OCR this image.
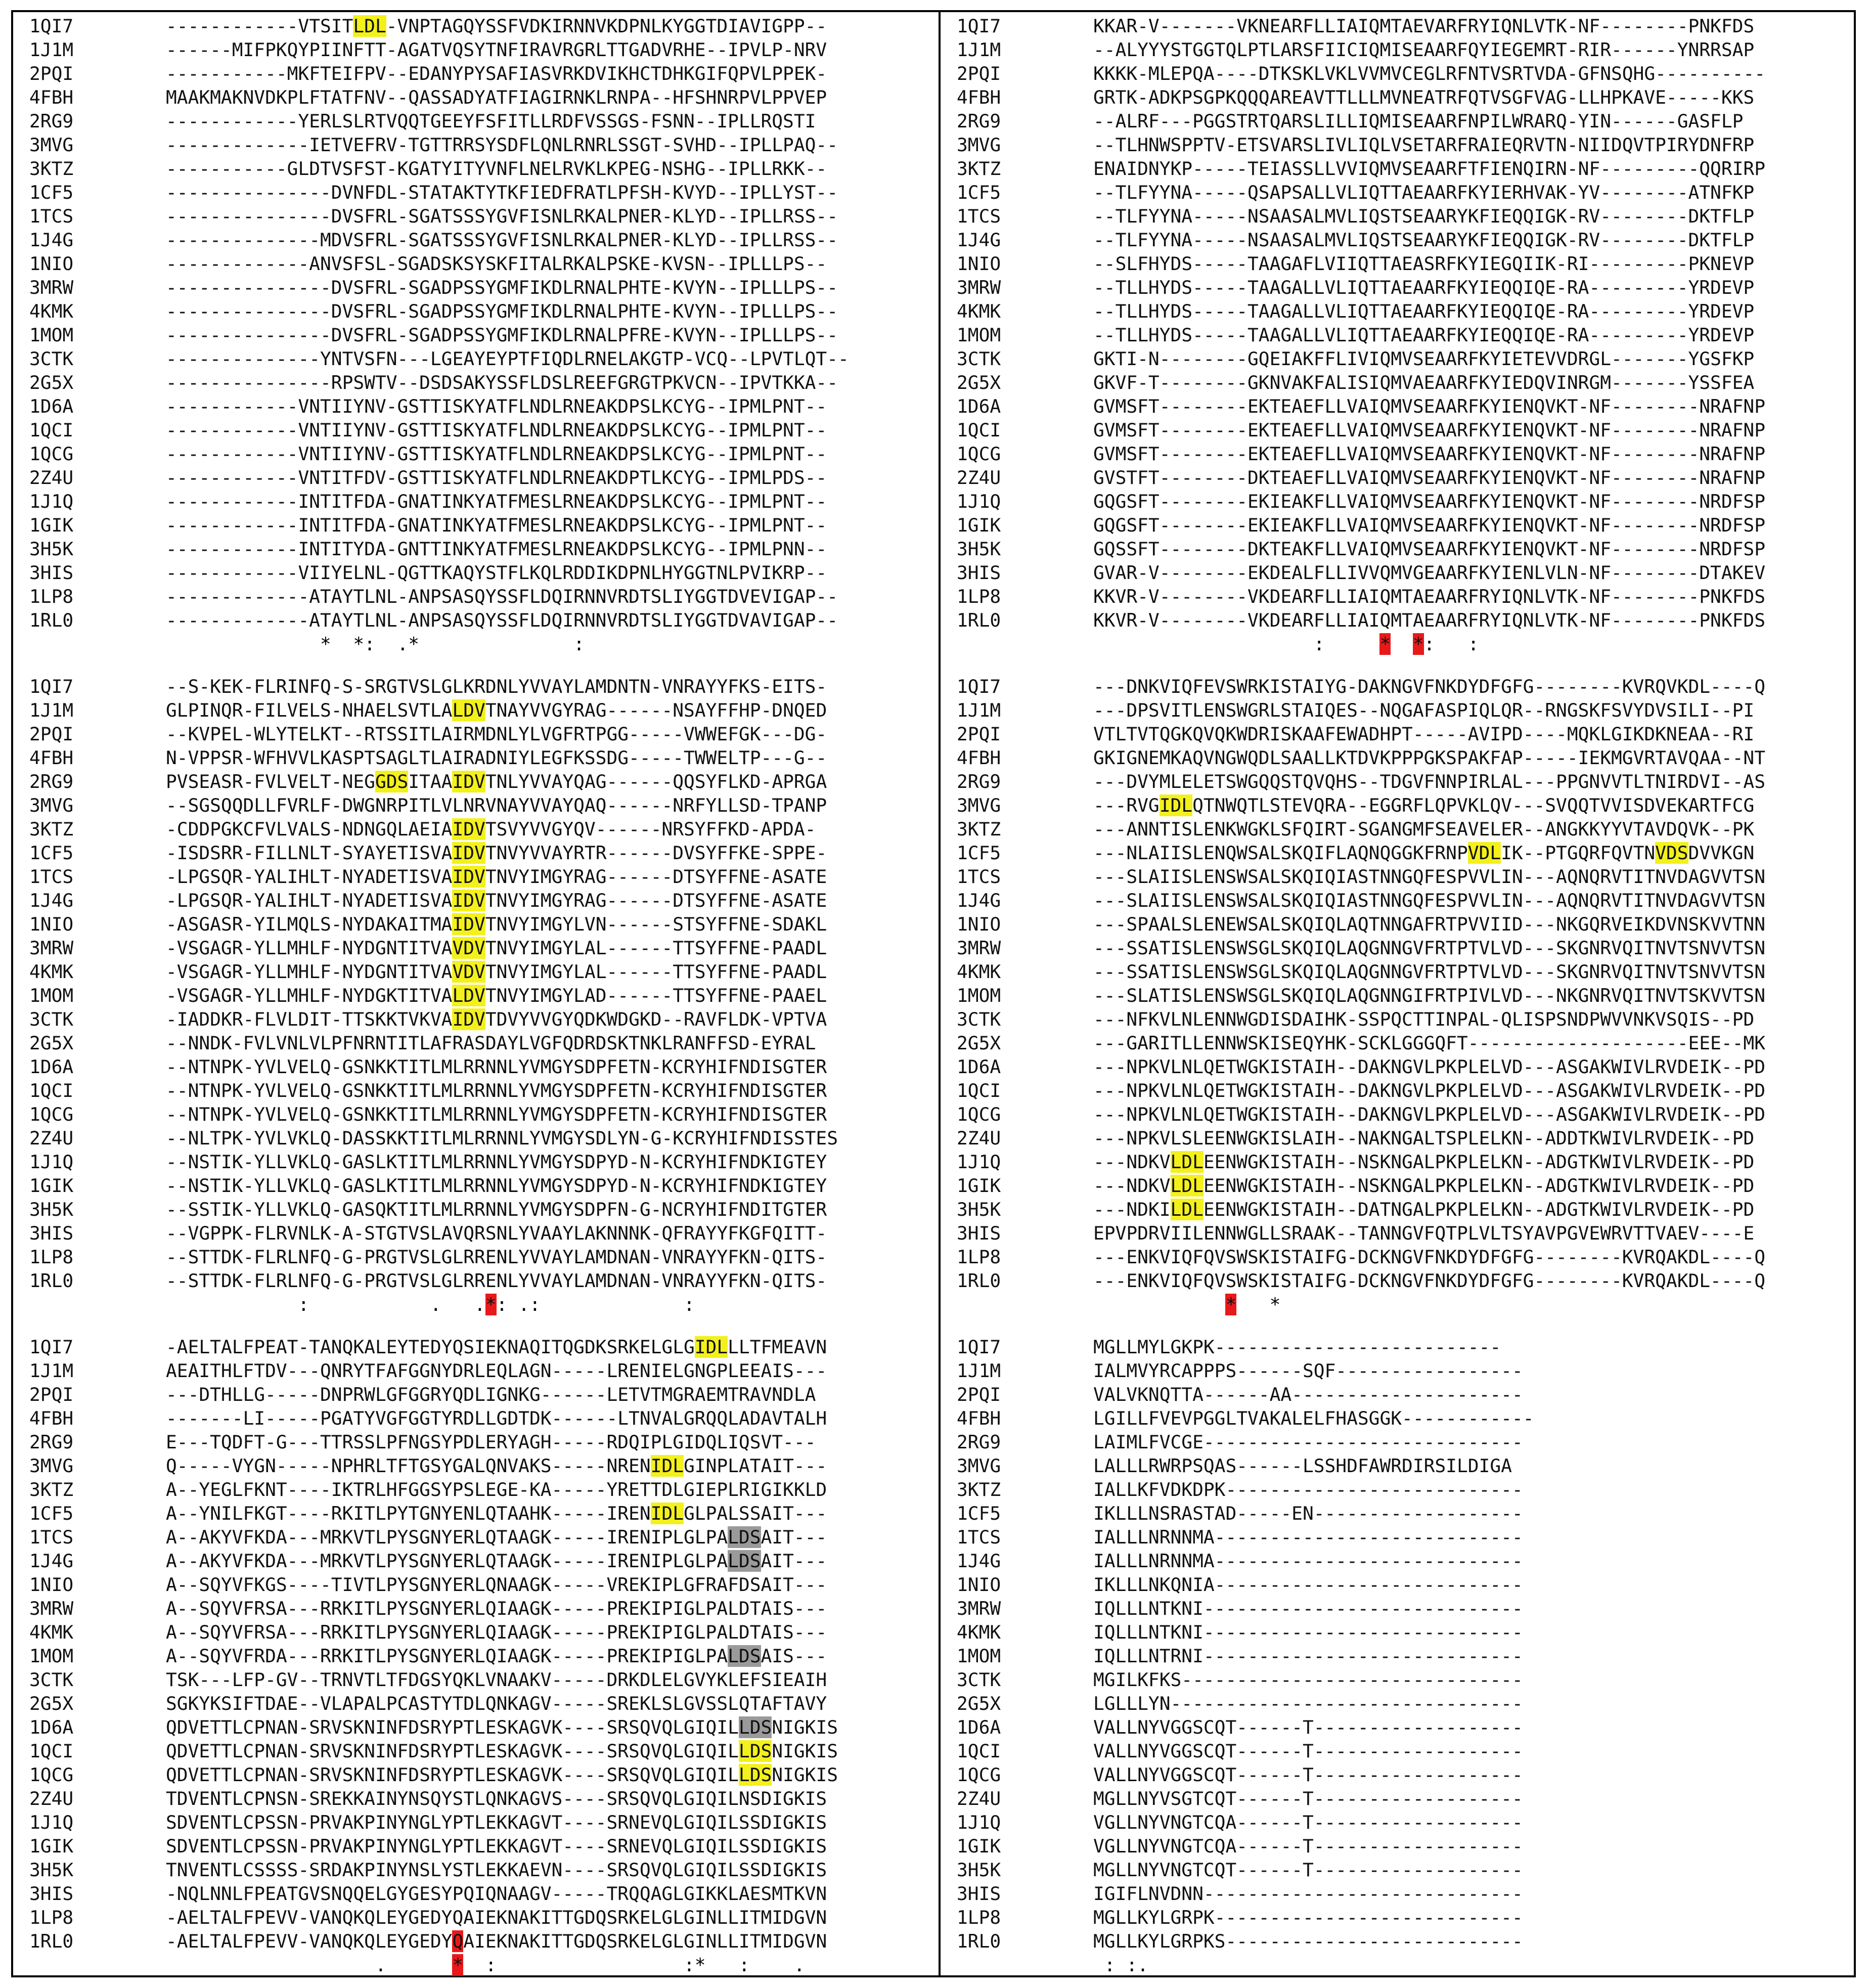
1QI7	------------VTSITLDL-VNPTAGQYSSFVDKIRNNVKDPNLKYGGTDIAVIGPP--
1J1M	------MIFPKQYPIINFTT-AGATVQSYTNFIRAVRGRLTTGADVRHE--IPVLP-NRV
2PQI	-----------MKFTEIFPV--EDANYPYSAFIASVRKDVIKHCTDHKGIFQPVLPPEK-
4FBH	MAAKMAKNVDKPLFTATFNV--QASSADYATFIAGIRNKLRNPA--HFSHNRPVLPPVEP
2RG9	------------YERLSLRTVQQTGEEYFSFITLLRDFVSSGS-FSNN--IPLLRQSTI
3MVG	-------------IETVEFRV-TGTTRRSYSDFLQNLRNRLSSGT-SVHD--IPLLPAQ--
3KTZ	-----------GLDTVSFST-KGATYITYVNFLNELRVKLKPEG-NSHG--IPLLRKK--
1CF5	---------------DVNFDL-STATAKTYTKFIEDFRATLPFSH-KVYD--IPLLYST--
1TCS	---------------DVSFRL-SGATSSSYGVFISNLRKALPNER-KLYD--IPLLRSS--
1J4G	--------------MDVSFRL-SGATSSSYGVFISNLRKALPNER-KLYD--IPLLRSS--
1NIO	-------------ANVSFSL-SGADSKSYSKFITALRKALPSKE-KVSN--IPLLLPS--
3MRW	---------------DVSFRL-SGADPSSYGMFIKDLRNALPHTE-KVYN--IPLLLPS--
4KMK	---------------DVSFRL-SGADPSSYGMFIKDLRNALPHTE-KVYN--IPLLLPS--
1MOM	---------------DVSFRL-SGADPSSYGMFIKDLRNALPFRE-KVYN--IPLLLPS--
3CTK	--------------YNTVSFN---LGEAYEYPTFIQDLRNELAKGTP-VCQ--LPVTLQT--
2G5X	---------------RPSWTV--DSDSAKYSSFLDSLREEFGRGTPKVCN--IPVTKKA--
1D6A	------------VNTIIYNV-GSTTISKYATFLNDLRNEAKDPSLKCYG--IPMLPNT--
1QCI	------------VNTIIYNV-GSTTISKYATFLNDLRNEAKDPSLKCYG--IPMLPNT--
1QCG	------------VNTIIYNV-GSTTISKYATFLNDLRNEAKDPSLKCYG--IPMLPNT--
2Z4U	------------VNTITFDV-GSTTISKYATFLNDLRNEAKDPTLKCYG--IPMLPDS--
1J1Q	------------INTITFDA-GNATINKYATFMESLRNEAKDPSLKCYG--IPMLPNT--
1GIK	------------INTITFDA-GNATINKYATFMESLRNEAKDPSLKCYG--IPMLPNT--
3H5K	------------INTITYDA-GNTTINKYATFMESLRNEAKDPSLKCYG--IPMLPNN--
3HIS	------------VIIYELNL-QGTTKAQYSTFLKQLRDDIKDPNLHYGGTNLPVIKRP--
1LP8	-------------ATAYTLNL-ANPSASQYSSFLDQIRNNVRDTSLIYGGTDVEVIGAP--
1RL0	-------------ATAYTLNL-ANPSASQYSSFLDQIRNNVRDTSLIYGGTDVAVIGAP--
*  *:  .*              :
1QI7	--S-KEK-FLRINFQ-S-SRGTVSLGLKRDNLYVVAYLAMDNTN-VNRAYYFKS-EITS-
1J1M	GLPINQR-FILVELS-NHAELSVTLALDVTNAYVVGYRAG------NSAYFFHP-DNQED
2PQI	--KVPEL-WLYTELKT--RTSSITLAIRMDNLYLVGFRTPGG-----VWWEFGK---DG-
4FBH	N-VPPSR-WFHVVLKASPTSAGLTLAIRADNIYLEGFKSSDG-----TWWELTP---G--
2RG9	PVSEASR-FVLVELT-NEGGDSITAAIDVTNLYVVAYQAG------QQSYFLKD-APRGA
3MVG	--SGSQQDLLFVRLF-DWGNRPITLVLNRVNAYVVAYQAQ------NRFYLLSD-TPANP
3KTZ	-CDDPGKCFVLVALS-NDNGQLAEIAIDVTSVYVVGYQV------NRSYFFKD-APDA-
1CF5	-ISDSRR-FILLNLT-SYAYETISVAIDVTNVYVVAYRTR------DVSYFFKE-SPPE-
1TCS	-LPGSQR-YALIHLT-NYADETISVAIDVTNVYIMGYRAG------DTSYFFNE-ASATE
1J4G	-LPGSQR-YALIHLT-NYADETISVAIDVTNVYIMGYRAG------DTSYFFNE-ASATE
1NIO	-ASGASR-YILMQLS-NYDAKAITMAIDVTNVYIMGYLVN------STSYFFNE-SDAKL
3MRW	-VSGAGR-YLLMHLF-NYDGNTITVAVDVTNVYIMGYLAL------TTSYFFNE-PAADL
4KMK	-VSGAGR-YLLMHLF-NYDGNTITVAVDVTNVYIMGYLAL------TTSYFFNE-PAADL
1MOM	-VSGAGR-YLLMHLF-NYDGKTITVALDVTNVYIMGYLAD------TTSYFFNE-PAAEL
3CTK	-IADDKR-FLVLDIT-TTSKKTVKVAIDVTDVYVVGYQDKWDGKD--RAVFLDK-VPTVA
2G5X	--NNDK-FVLVNLVLPFNRNTITLAFRASDAYLVGFQDRDSKTNKLRANFFSD-EYRAL
1D6A	--NTNPK-YVLVELQ-GSNKKTITLMLRRNNLYVMGYSDPFETN-KCRYHIFNDISGTER
1QCI	--NTNPK-YVLVELQ-GSNKKTITLMLRRNNLYVMGYSDPFETN-KCRYHIFNDISGTER
1QCG	--NTNPK-YVLVELQ-GSNKKTITLMLRRNNLYVMGYSDPFETN-KCRYHIFNDISGTER
2Z4U	--NLTPK-YVLVKLQ-DASSKKTITLMLRRNNLYVMGYSDLYN-G-KCRYHIFNDISSTES
1J1Q	--NSTIK-YLLVKLQ-GASLKTITLMLRRNNLYVMGYSDPYD-N-KCRYHIFNDKIGTEY
1GIK	--NSTIK-YLLVKLQ-GASLKTITLMLRRNNLYVMGYSDPYD-N-KCRYHIFNDKIGTEY
3H5K	--SSTIK-YLLVKLQ-GASQKTITLMLRRNNLYVMGYSDPFN-G-NCRYHIFNDITGTER
3HIS	--VGPPK-FLRVNLK-A-STGTVSLAVQRSNLYVAAYLAKNNNK-QFRAYYFKGFQITT-
1LP8	--STTDK-FLRLNFQ-G-PRGTVSLGLRRENLYVVAYLAMDNAN-VNRAYYFKN-QITS-
1RL0	--STTDK-FLRLNFQ-G-PRGTVSLGLRRENLYVVAYLAMDNAN-VNRAYYFKN-QITS-
:           .   .*: .:             :
1QI7	-AELTALFPEAT-TANQKALEYTEDYQSIEKNAQITQGDKSRKELGLGIDLLLTFMEAVN
1J1M	AEAITHLFTDV---QNRYTFAFGGNYDRLEQLAGN-----LRENIELGNGPLEEAIS---
2PQI	---DTHLLG-----DNPRWLGFGGRYQDLIGNKG------LETVTMGRAEMTRAVNDLA
4FBH	-------LI-----PGATYVGFGGTYRDLLGDTDK------LTNVALGRQQLADAVTALH
2RG9	E---TQDFT-G---TTRSSLPFNGSYPDLERYAGH-----RDQIPLGIDQLIQSVT---
3MVG	Q-----VYGN-----NPHRLTFTGSYGALQNVAKS-----NRENIDLGINPLATAIT---
3KTZ	A--YEGLFKNT----IKTRLHFGGSYPSLEGE-KA-----YRETTDLGIEPLRIGIKKLD
1CF5	A--YNILFKGT----RKITLPYTGNYENLQTAAHK-----IRENIDLGLPALSSAIT---
1TCS	A--AKYVFKDA---MRKVTLPYSGNYERLQTAAGK-----IRENIPLGLPALDSAIT---
1J4G	A--AKYVFKDA---MRKVTLPYSGNYERLQTAAGK-----IRENIPLGLPALDSAIT---
1NIO	A--SQYVFKGS----TIVTLPYSGNYERLQNAAGK-----VREKIPLGFRAFDSAIT---
3MRW	A--SQYVFRSA---RRKITLPYSGNYERLQIAAGK-----PREKIPIGLPALDTAIS---
4KMK	A--SQYVFRSA---RRKITLPYSGNYERLQIAAGK-----PREKIPIGLPALDTAIS---
1MOM	A--SQYVFRDA---RRKITLPYSGNYERLQIAAGK-----PREKIPIGLPALDSAIS---
3CTK	TSK---LFP-GV--TRNVTLTFDGSYQKLVNAAKV-----DRKDLELGVYKLEFSIEAIH
2G5X	SGKYKSIFTDAE--VLAPALPCASTYTDLQNKAGV-----SREKLSLGVSSLQTAFTAVY
1D6A	QDVETTLCPNAN-SRVSKNINFDSRYPTLESKAGVK----SRSQVQLGIQILLDSNIGKIS
1QCI	QDVETTLCPNAN-SRVSKNINFDSRYPTLESKAGVK----SRSQVQLGIQILLDSNIGKIS
1QCG	QDVETTLCPNAN-SRVSKNINFDSRYPTLESKAGVK----SRSQVQLGIQILLDSNIGKIS
2Z4U	TDVENTLCPNSN-SREKKAINYNSQYSTLQNKAGVS----SRSQVQLGIQILNSDIGKIS
1J1Q	SDVENTLCPSSN-PRVAKPINYNGLYPTLEKKAGVT----SRNEVQLGIQILSSDIGKIS
1GIK	SDVENTLCPSSN-PRVAKPINYNGLYPTLEKKAGVT----SRNEVQLGIQILSSDIGKIS
3H5K	TNVENTLCSSSS-SRDAKPINYNSLYSTLEKKAEVN----SRSQVQLGIQILSSDIGKIS
3HIS	-NQLNNLFPEATGVSNQQELGYGESYPQIQNAAGV-----TRQQAGLGIKKLAESMTKVN
1LP8	-AELTALFPEVV-VANQKQLEYGEDYQAIEKNAKITTGDQSRKELGLGINLLITMIDGVN
1RL0	-AELTALFPEVV-VANQKQLEYGEDYQAIEKNAKITTGDQSRKELGLGINLLITMIDGVN
.      *  :                 :*   :    .
1QI7	KKAR-V-------VKNEARFLLIAIQMTAEVARFRYIQNLVTK-NF--------PNKFDS
1J1M	--ALYYYSTGGTQLPTLARSFIICIQMISEAARFQYIEGEMRT-RIR------YNRRSAP
2PQI	KKKK-MLEPQA----DTKSKLVKLVVMVCEGLRFNTVSRTVDA-GFNSQHG----------
4FBH	GRTK-ADKPSGPKQQQAREAVTTLLLMVNEATRFQTVSGFVAG-LLHPKAVE-----KKS
2RG9	--ALRF---PGGSTRTQARSLILLIQMISEAARFNPILWRARQ-YIN------GASFLP
3MVG	--TLHNWSPPTV-ETSVARSLIVLIQLVSETARFRAIEQRVTN-NIIDQVTPIRYDNFRP
3KTZ	ENAIDNYKP-----TEIASSLLVVIQMVSEAARFTFIENQIRN-NF---------QQRIRP
1CF5	--TLFYYNA-----QSAPSALLVLIQTTAEAARFKYIERHVAK-YV--------ATNFKP
1TCS	--TLFYYNA-----NSAASALMVLIQSTSEAARYKFIEQQIGK-RV--------DKTFLP
1J4G	--TLFYYNA-----NSAASALMVLIQSTSEAARYKFIEQQIGK-RV--------DKTFLP
1NIO	--SLFHYDS-----TAAGAFLVIIQTTAEASRFKYIEGQIIK-RI---------PKNEVP
3MRW	--TLLHYDS-----TAAGALLVLIQTTAEAARFKYIEQQIQE-RA---------YRDEVP
4KMK	--TLLHYDS-----TAAGALLVLIQTTAEAARFKYIEQQIQE-RA---------YRDEVP
1MOM	--TLLHYDS-----TAAGALLVLIQTTAEAARFKYIEQQIQE-RA---------YRDEVP
3CTK	GKTI-N--------GQEIAKFFLIVIQMVSEAARFKYIETEVVDRGL-------YGSFKP
2G5X	GKVF-T--------GKNVAKFALISIQMVAEAARFKYIEDQVINRGM-------YSSFEA
1D6A	GVMSFT--------EKTEAEFLLVAIQMVSEAARFKYIENQVKT-NF--------NRAFNP
1QCI	GVMSFT--------EKTEAEFLLVAIQMVSEAARFKYIENQVKT-NF--------NRAFNP
1QCG	GVMSFT--------EKTEAEFLLVAIQMVSEAARFKYIENQVKT-NF--------NRAFNP
2Z4U	GVSTFT--------DKTEAEFLLVAIQMVSEAARFKYIENQVKT-NF--------NRAFNP
1J1Q	GQGSFT--------EKIEAKFLLVAIQMVSEAARFKYIENQVKT-NF--------NRDFSP
1GIK	GQGSFT--------EKIEAKFLLVAIQMVSEAARFKYIENQVKT-NF--------NRDFSP
3H5K	GQSSFT--------DKTEAKFLLVAIQMVSEAARFKYIENQVKT-NF--------NRDFSP
3HIS	GVAR-V--------EKDEALFLLIVVQMVGEAARFKYIENLVLN-NF--------DTAKEV
1LP8	KKVR-V--------VKDEARFLLIAIQMTAEAARFRYIQNLVTK-NF--------PNKFDS
1RL0	KKVR-V--------VKDEARFLLIAIQMTAEAARFRYIQNLVTK-NF--------PNKFDS
:     * *:   :
1QI7	---DNKVIQFEVSWRKISTAIYG-DAKNGVFNKDYDFGFG--------KVRQVKDL----Q
1J1M	---DPSVITLENSWGRLSTAIQES--NQGAFASPIQLQR--RNGSKFSVYDVSILI--PI
2PQI	VTLTVTQGKQVQKWDRISKAAFEWADHPT-----AVIPD----MQKLGIKDKNEAA--RI
4FBH	GKIGNEMKAQVNGWQDLSAALLKTDVKPPPGKSPAKFAP-----IEKMGVRTAVQAA--NT
2RG9	---DVYMLELETSWGQQSTQVQHS--TDGVFNNPIRLAL---PPGNVVTLTNIRDVI--AS
3MVG	---RVGIDLQTNWQTLSTEVQRA--EGGRFLQPVKLQV---SVQQTVVISDVEKARTFCG
3KTZ	---ANNTISLENKWGKLSFQIRT-SGANGMFSEAVELER--ANGKKYYVTAVDQVK--PK
1CF5	---NLAIISLENQWSALSKQIFLAQNQGGKFRNPVDLIK--PTGQRFQVTNVDSDVVKGN
1TCS	---SLAIISLENSWSALSKQIQIASTNNGQFESPVVLIN---AQNQRVTITNVDAGVVTSN
1J4G	---SLAIISLENSWSALSKQIQIASTNNGQFESPVVLIN---AQNQRVTITNVDAGVVTSN
1NIO	---SPAALSLENEWSALSKQIQLAQTNNGAFRTPVVIID---NKGQRVEIKDVNSKVVTNN
3MRW	---SSATISLENSWSGLSKQIQLAQGNNGVFRTPTVLVD---SKGNRVQITNVTSNVVTSN
4KMK	---SSATISLENSWSGLSKQIQLAQGNNGVFRTPTVLVD---SKGNRVQITNVTSNVVTSN
1MOM	---SLATISLENSWSGLSKQIQLAQGNNGIFRTPIVLVD---NKGNRVQITNVTSKVVTSN
3CTK	---NFKVLNLENNWGDISDAIHK-SSPQCTTINPAL-QLISPSNDPWVVNKVSQIS--PD
2G5X	---GARITLLENNWSKISEQYHK-SCKLGGGQFT--------------------EEE--MK
1D6A	---NPKVLNLQETWGKISTAIH--DAKNGVLPKPLELVD---ASGAKWIVLRVDEIK--PD
1QCI	---NPKVLNLQETWGKISTAIH--DAKNGVLPKPLELVD---ASGAKWIVLRVDEIK--PD
1QCG	---NPKVLNLQETWGKISTAIH--DAKNGVLPKPLELVD---ASGAKWIVLRVDEIK--PD
2Z4U	---NPKVLSLEENWGKISLAIH--NAKNGALTSPLELKN--ADDTKWIVLRVDEIK--PD
1J1Q	---NDKVLDLEENWGKISTAIH--NSKNGALPKPLELKN--ADGTKWIVLRVDEIK--PD
1GIK	---NDKVLDLEENWGKISTAIH--NSKNGALPKPLELKN--ADGTKWIVLRVDEIK--PD
3H5K	---NDKILDLEENWGKISTAIH--DATNGALPKPLELKN--ADGTKWIVLRVDEIK--PD
3HIS	EPVPDRVIILENNWGLLSRAAK--TANNGVFQTPLVLTSYAVPGVEWRVTTVAEV----E
1LP8	---ENKVIQFQVSWSKISTAIFG-DCKNGVFNKDYDFGFG--------KVRQAKDL----Q
1RL0	---ENKVIQFQVSWSKISTAIFG-DCKNGVFNKDYDFGFG--------KVRQAKDL----Q
*   *
1QI7	MGLLMYLGKPK--------------------------
1J1M	IALMVYRCAPPPS------SQF-----------------
2PQI	VALVKNQTTA------AA---------------------
4FBH	LGILLFVEVPGGLTVAKALELFHASGGK------------
2RG9	LAIMLFVCGE-----------------------------
3MVG	LALLLRWRPSQAS------LSSHDFAWRDIRSILDIGA
3KTZ	IALLKFVDKDPK---------------------------
1CF5	IKLLLNSRASTAD-----EN-------------------
1TCS	IALLLNRNNMA----------------------------
1J4G	IALLLNRNNMA----------------------------
1NIO	IKLLLNKQNIA----------------------------
3MRW	IQLLLNTKNI-----------------------------
4KMK	IQLLLNTKNI-----------------------------
1MOM	IQLLLNTRNI-----------------------------
3CTK	MGILKFKS-------------------------------
2G5X	LGLLLYN--------------------------------
1D6A	VALLNYVGGSCQT------T-------------------
1QCI	VALLNYVGGSCQT------T-------------------
1QCG	VALLNYVGGSCQT------T-------------------
2Z4U	MGLLNYVSGTCQT------T-------------------
1J1Q	VGLLNYVNGTCQA------T-------------------
1GIK	VGLLNYVNGTCQA------T-------------------
3H5K	MGLLNYVNGTCQT------T-------------------
3HIS	IGIFLNVDNN-----------------------------
1LP8	MGLLKYLGRPK----------------------------
1RL0	MGLLKYLGRPKS---------------------------
: :.
